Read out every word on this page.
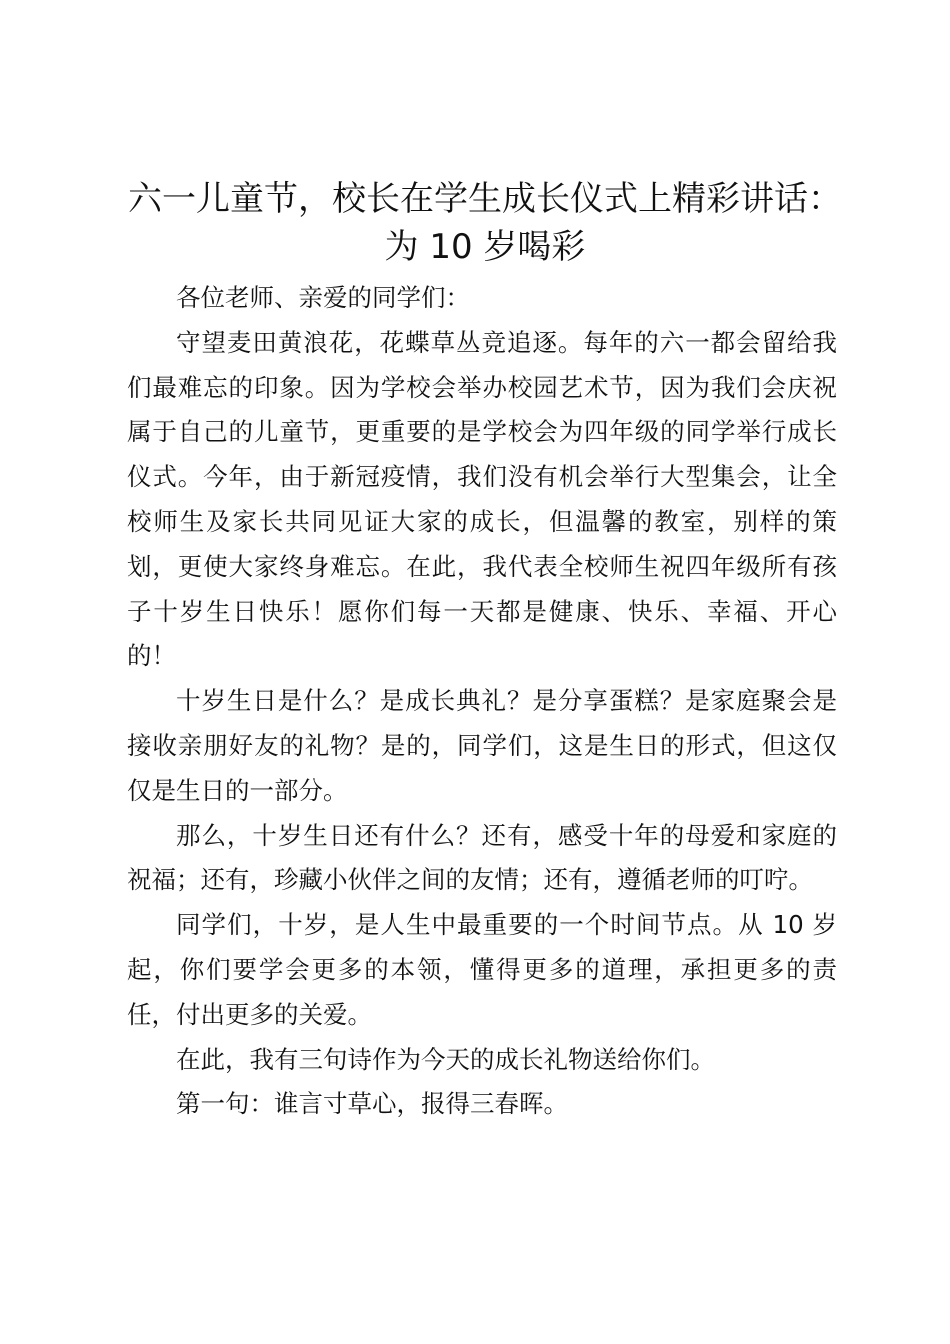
六一儿童节，校长在学生成长仪式上精彩讲话：
为 10 岁喝彩

各位老师、亲爱的同学们：

守望麦田黄浪花，花蝶草丛竞追逐。每年的六一都会留给我们最难忘的印象。因为学校会举办校园艺术节，因为我们会庆祝属于自己的儿童节，更重要的是学校会为四年级的同学举行成长仪式。今年，由于新冠疫情，我们没有机会举行大型集会，让全校师生及家长共同见证大家的成长，但温馨的教室，别样的策划，更使大家终身难忘。在此，我代表全校师生祝四年级所有孩子十岁生日快乐！愿你们每一天都是健康、快乐、幸福、开心的！

十岁生日是什么？是成长典礼？是分享蛋糕？是家庭聚会是接收亲朋好友的礼物？是的，同学们，这是生日的形式，但这仅仅是生日的一部分。

那么，十岁生日还有什么？还有，感受十年的母爱和家庭的祝福；还有，珍藏小伙伴之间的友情；还有，遵循老师的叮咛。

同学们，十岁，是人生中最重要的一个时间节点。从 10 岁起，你们要学会更多的本领，懂得更多的道理，承担更多的责任，付出更多的关爱。

在此，我有三句诗作为今天的成长礼物送给你们。

第一句：谁言寸草心，报得三春晖。
